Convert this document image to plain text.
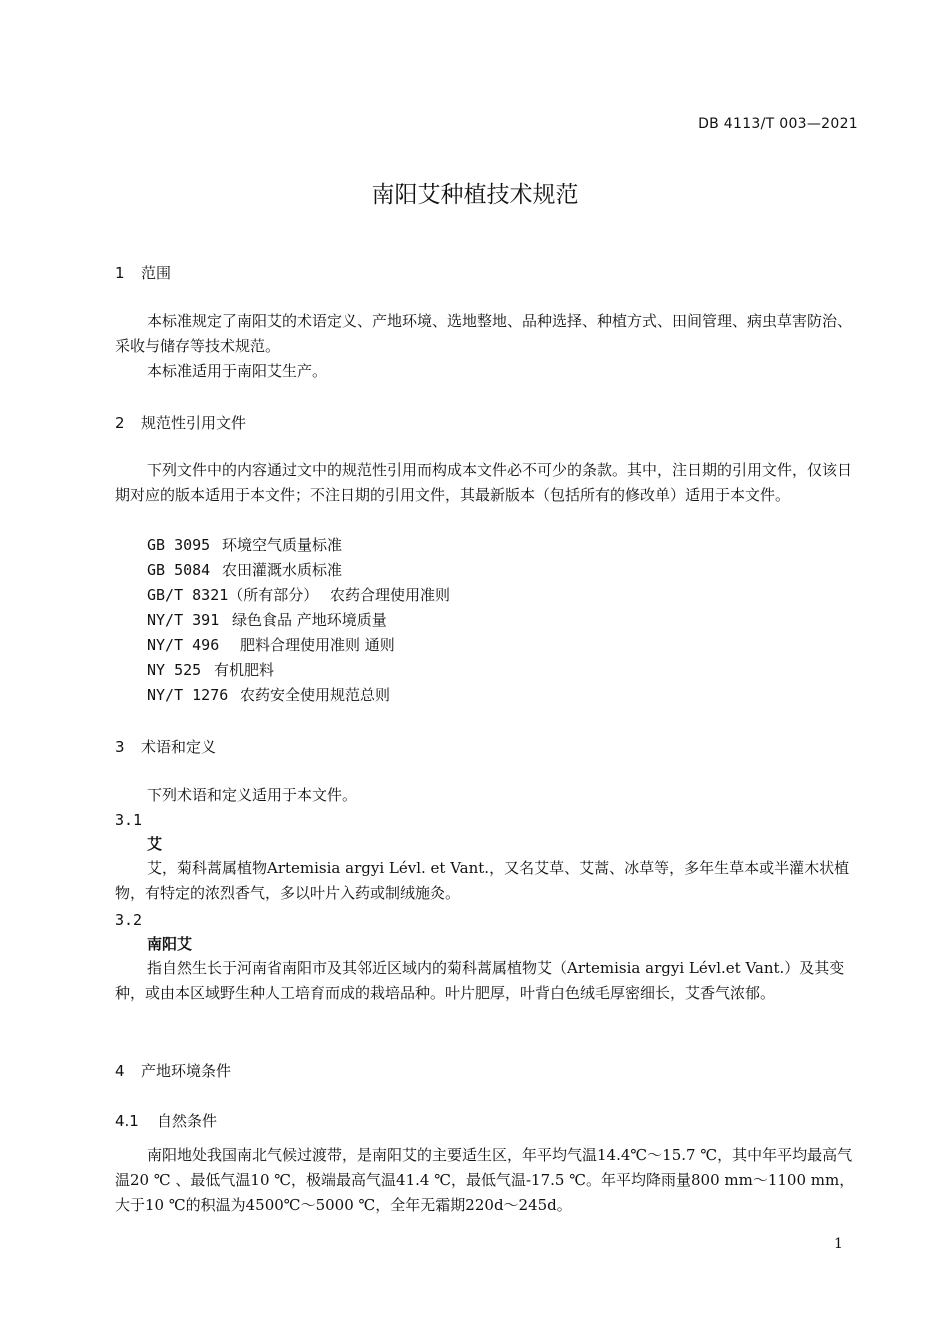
DB 4113/T 003—2021
南阳艾种植技术规范
1 范围
本标准规定了南阳艾的术语定义、产地环境、选地整地、品种选择、种植方式、田间管理、病虫草害防治、采收与储存等技术规范。
本标准适用于南阳艾生产。
2 规范性引用文件
下列文件中的内容通过文中的规范性引用而构成本文件必不可少的条款。其中，注日期的引用文件，仅该日期对应的版本适用于本文件；不注日期的引用文件，其最新版本（包括所有的修改单）适用于本文件。
GB 3095 环境空气质量标准
GB 5084 农田灌溉水质标准
GB/T 8321（所有部分） 农药合理使用准则
NY/T 391 绿色食品 产地环境质量
NY/T 496 肥料合理使用准则 通则
NY 525 有机肥料
NY/T 1276 农药安全使用规范总则
3 术语和定义
下列术语和定义适用于本文件。
3.1
艾
艾，菊科蒿属植物Artemisia argyi Lévl. et Vant.，又名艾草、艾蒿、冰草等，多年生草本或半灌木状植物，有特定的浓烈香气，多以叶片入药或制绒施灸。
3.2
南阳艾
指自然生长于河南省南阳市及其邻近区域内的菊科蒿属植物艾（Artemisia argyi Lévl.et Vant.）及其变种，或由本区域野生种人工培育而成的栽培品种。叶片肥厚，叶背白色绒毛厚密细长，艾香气浓郁。
4 产地环境条件
4.1 自然条件
南阳地处我国南北气候过渡带，是南阳艾的主要适生区，年平均气温14.4℃～15.7 ℃，其中年平均最高气温20 ℃ 、最低气温10 ℃，极端最高气温41.4 ℃，最低气温-17.5 ℃。年平均降雨量800 mm～1100 mm，大于10 ℃的积温为4500℃～5000 ℃，全年无霜期220d～245d。
1
